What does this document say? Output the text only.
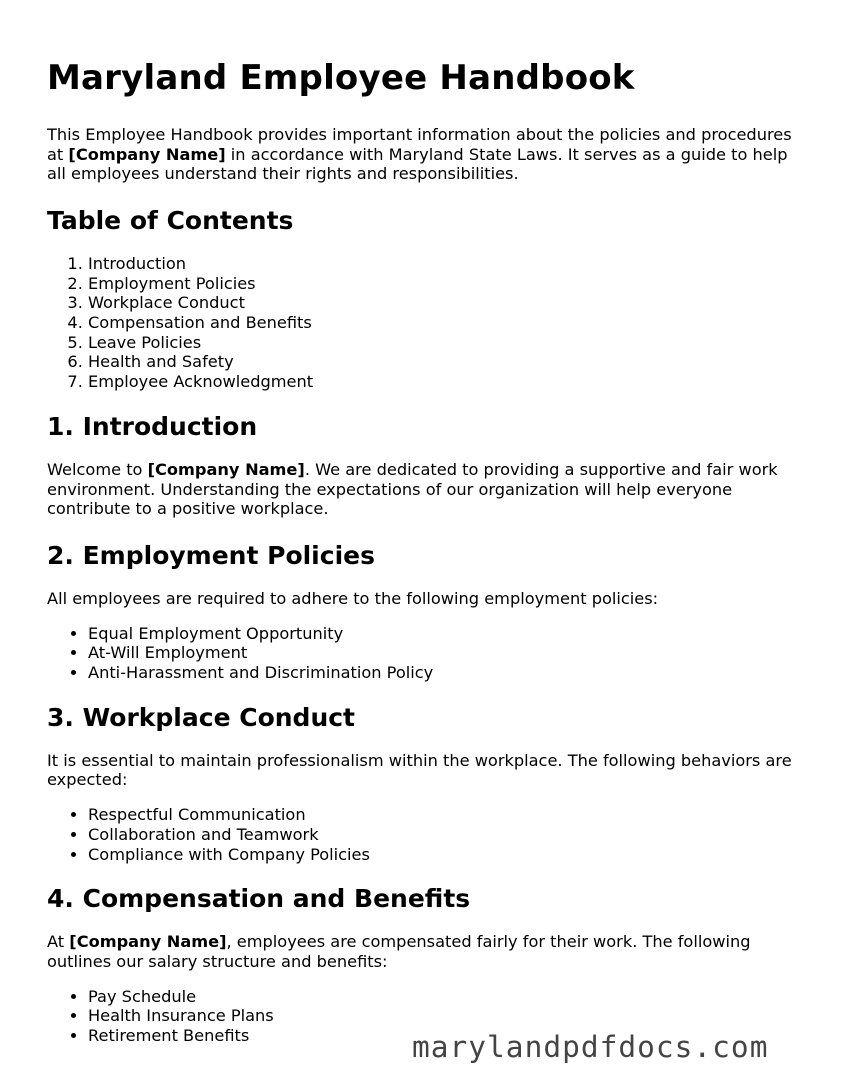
Maryland Employee Handbook

This Employee Handbook provides important information about the policies and procedures at [Company Name] in accordance with Maryland State Laws. It serves as a guide to help all employees understand their rights and responsibilities.

Table of Contents
1. Introduction
2. Employment Policies
3. Workplace Conduct
4. Compensation and Benefits
5. Leave Policies
6. Health and Safety
7. Employee Acknowledgment
1. Introduction

Welcome to [Company Name]. We are dedicated to providing a supportive and fair work environment. Understanding the expectations of our organization will help everyone contribute to a positive workplace.

2. Employment Policies

All employees are required to adhere to the following employment policies:

• Equal Employment Opportunity
• At-Will Employment
• Anti-Harassment and Discrimination Policy
3. Workplace Conduct

It is essential to maintain professionalism within the workplace. The following behaviors are expected:

• Respectful Communication
• Collaboration and Teamwork
• Compliance with Company Policies
4. Compensation and Benefits

At [Company Name], employees are compensated fairly for their work. The following outlines our salary structure and benefits:

• Pay Schedule
• Health Insurance Plans
• Retirement Benefits	marylandpdfdocs.com
